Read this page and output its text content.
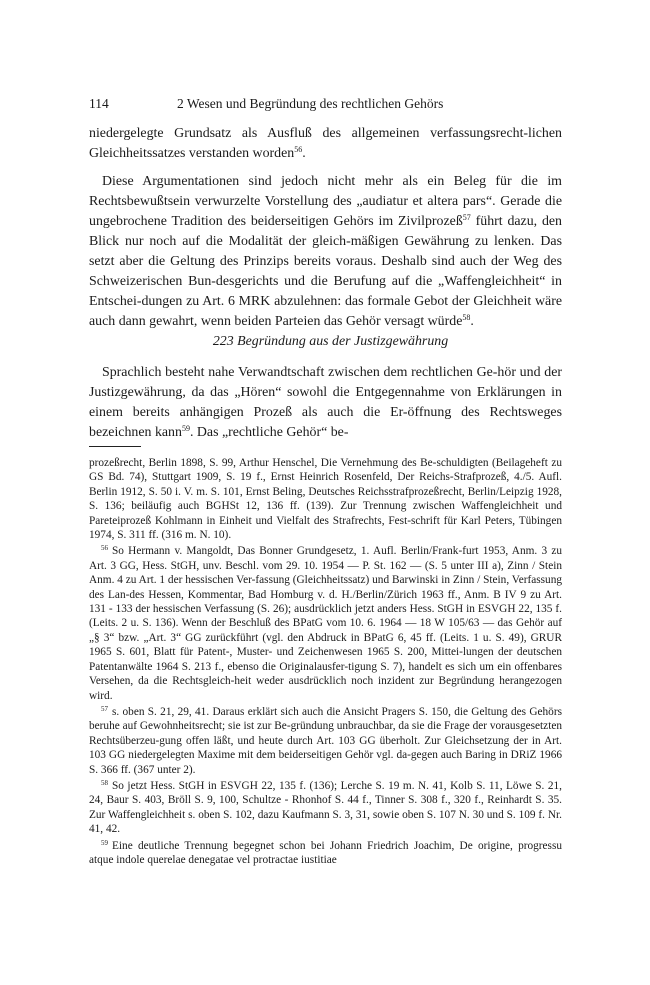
114	2 Wesen und Begründung des rechtlichen Gehörs

niedergelegte Grundsatz als Ausfluß des allgemeinen verfassungsrecht-lichen Gleichheitssatzes verstanden worden$^{56}$.

Diese Argumentationen sind jedoch nicht mehr als ein Beleg für die im Rechtsbewußtsein verwurzelte Vorstellung des „audiatur et altera pars“. Gerade die ungebrochene Tradition des beiderseitigen Gehörs im Zivilprozeß$^{57}$ führt dazu, den Blick nur noch auf die Modalität der gleich-mäßigen Gewährung zu lenken. Das setzt aber die Geltung des Prinzips bereits voraus. Deshalb sind auch der Weg des Schweizerischen Bun-desgerichts und die Berufung auf die „Waffengleichheit“ in Entschei-dungen zu Art. 6 MRK abzulehnen: das formale Gebot der Gleichheit wäre auch dann gewahrt, wenn beiden Parteien das Gehör versagt würde$^{58}$.

223 Begründung aus der Justizgewährung

Sprachlich besteht nahe Verwandtschaft zwischen dem rechtlichen Ge-hör und der Justizgewährung, da das „Hören“ sowohl die Entgegennahme von Erklärungen in einem bereits anhängigen Prozeß als auch die Er-öffnung des Rechtsweges bezeichnen kann$^{59}$. Das „rechtliche Gehör“ be-

prozeßrecht, Berlin 1898, S. 99, Arthur Henschel, Die Vernehmung des Be-schuldigten (Beilageheft zu GS Bd. 74), Stuttgart 1909, S. 19 f., Ernst Heinrich Rosenfeld, Der Reichs-Strafprozeß, 4./5. Aufl. Berlin 1912, S. 50 i. V. m. S. 101, Ernst Beling, Deutsches Reichsstrafprozeßrecht, Berlin/Leipzig 1928, S. 136; beiläufig auch BGHSt 12, 136 ff. (139). Zur Trennung zwischen Waffengleichheit und Pareteiprozeß Kohlmann in Einheit und Vielfalt des Strafrechts, Fest-schrift für Karl Peters, Tübingen 1974, S. 311 ff. (316 m. N. 10).

$^{56}$ So Hermann v. Mangoldt, Das Bonner Grundgesetz, 1. Aufl. Berlin/Frank-furt 1953, Anm. 3 zu Art. 3 GG, Hess. StGH, unv. Beschl. vom 29. 10. 1954 — P. St. 162 — (S. 5 unter III a), Zinn / Stein Anm. 4 zu Art. 1 der hessischen Ver-fassung (Gleichheitssatz) und Barwinski in Zinn / Stein, Verfassung des Lan-des Hessen, Kommentar, Bad Homburg v. d. H./Berlin/Zürich 1963 ff., Anm. B IV 9 zu Art. 131 - 133 der hessischen Verfassung (S. 26); ausdrücklich jetzt anders Hess. StGH in ESVGH 22, 135 f. (Leits. 2 u. S. 136). Wenn der Beschluß des BPatG vom 10. 6. 1964 — 18 W 105/63 — das Gehör auf „§ 3“ bzw. „Art. 3“ GG zurückführt (vgl. den Abdruck in BPatG 6, 45 ff. (Leits. 1 u. S. 49), GRUR 1965 S. 601, Blatt für Patent-, Muster- und Zeichenwesen 1965 S. 200, Mittei-lungen der deutschen Patentanwälte 1964 S. 213 f., ebenso die Originalausfer-tigung S. 7), handelt es sich um ein offenbares Versehen, da die Rechtsgleich-heit weder ausdrücklich noch inzident zur Begründung herangezogen wird.

$^{57}$ s. oben S. 21, 29, 41. Daraus erklärt sich auch die Ansicht Pragers S. 150, die Geltung des Gehörs beruhe auf Gewohnheitsrecht; sie ist zur Be-gründung unbrauchbar, da sie die Frage der vorausgesetzten Rechtsüberzeu-gung offen läßt, und heute durch Art. 103 GG überholt. Zur Gleichsetzung der in Art. 103 GG niedergelegten Maxime mit dem beiderseitigen Gehör vgl. da-gegen auch Baring in DRiZ 1966 S. 366 ff. (367 unter 2).

$^{58}$ So jetzt Hess. StGH in ESVGH 22, 135 f. (136); Lerche S. 19 m. N. 41, Kolb S. 11, Löwe S. 21, 24, Baur S. 403, Bröll S. 9, 100, Schultze - Rhonhof S. 44 f., Tinner S. 308 f., 320 f., Reinhardt S. 35. Zur Waffengleichheit s. oben S. 102, dazu Kaufmann S. 3, 31, sowie oben S. 107 N. 30 und S. 109 f. Nr. 41, 42.

$^{59}$ Eine deutliche Trennung begegnet schon bei Johann Friedrich Joachim, De origine, progressu atque indole querelae denegatae vel protractae iustitiae
